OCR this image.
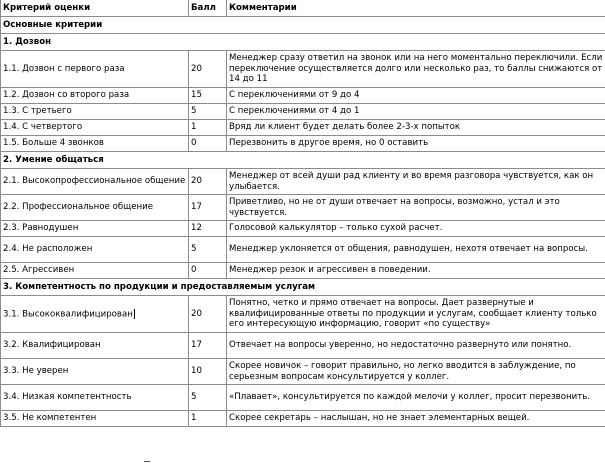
Критерий оценки	Балл	Комментарии
Основные критерии		
1. Дозвон		
1.1. Дозвон с первого раза	20	Менеджер сразу ответил на звонок или на него моментально переключили. Если переключение осуществляется долго или несколько раз, то баллы снижаются от 14 до 11
1.2. Дозвон со второго раза	15	С переключениями от 9 до 4
1.3. С третьего	5	С переключениями от 4 до 1
1.4. С четвертого	1	Вряд ли клиент будет делать более 2-3-х попыток
1.5. Больше 4 звонков	0	Перезвонить в другое время, но 0 оставить
2. Умение общаться		
2.1. Высокопрофессиональное общение	20	Менеджер от всей души рад клиенту и во время разговора чувствуется, как он улыбается.
2.2. Профессиональное общение	17	Приветливо, но не от души отвечает на вопросы, возможно, устал и это чувствуется.
2.3. Равнодушен	12	Голосовой калькулятор – только сухой расчет.
2.4. Не расположен	5	Менеджер уклоняется от общения, равнодушен, нехотя отвечает на вопросы.
2.5. Агрессивен	0	Менеджер резок и агрессивен в поведении.
3. Компетентность по продукции и предоставляемым услугам		
3.1. Высококвалифицирован	20	Понятно, четко и прямо отвечает на вопросы. Дает развернутые и квалифицированные ответы по продукции и услугам, сообщает клиенту только его интересующую информацию, говорит «по существу»
3.2. Квалифицирован	17	Отвечает на вопросы уверенно, но недостаточно развернуто или понятно.
3.3. Не уверен	10	Скорее новичок – говорит правильно, но легко вводится в заблуждение, по серьезным вопросам консультируется у коллег.
3.4. Низкая компетентность	5	«Плавает», консультируется по каждой мелочи у коллег, просит перезвонить.
3.5. Не компетентен	1	Скорее секретарь – наслышан, но не знает элементарных вещей.
